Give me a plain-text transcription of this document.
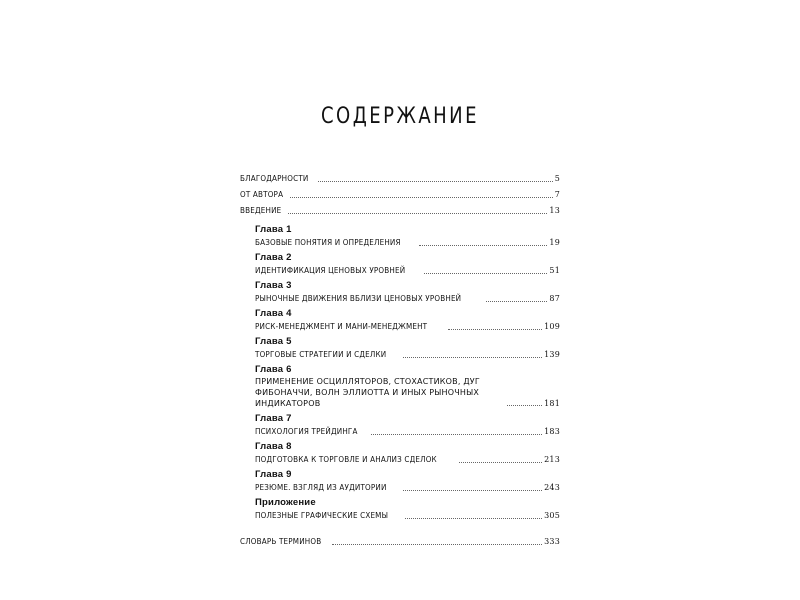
СОДЕРЖАНИЕ
БЛАГОДАРНОСТИ	5
ОТ АВТОРА	7
ВВЕДЕНИЕ	13
Глава 1
БАЗОВЫЕ ПОНЯТИЯ И ОПРЕДЕЛЕНИЯ	19
Глава 2
ИДЕНТИФИКАЦИЯ ЦЕНОВЫХ УРОВНЕЙ	51
Глава 3
РЫНОЧНЫЕ ДВИЖЕНИЯ ВБЛИЗИ ЦЕНОВЫХ УРОВНЕЙ	87
Глава 4
РИСК-МЕНЕДЖМЕНТ И МАНИ-МЕНЕДЖМЕНТ	109
Глава 5
ТОРГОВЫЕ СТРАТЕГИИ И СДЕЛКИ	139
Глава 6
ПРИМЕНЕНИЕ ОСЦИЛЛЯТОРОВ, СТОХАСТИКОВ, ДУГ ФИБОНАЧЧИ, ВОЛН ЭЛЛИОТТА И ИНЫХ РЫНОЧНЫХ ИНДИКАТОРОВ	181
Глава 7
ПСИХОЛОГИЯ ТРЕЙДИНГА	183
Глава 8
ПОДГОТОВКА К ТОРГОВЛЕ И АНАЛИЗ СДЕЛОК	213
Глава 9
РЕЗЮМЕ. ВЗГЛЯД ИЗ АУДИТОРИИ	243
Приложение
ПОЛЕЗНЫЕ ГРАФИЧЕСКИЕ СХЕМЫ	305
СЛОВАРЬ ТЕРМИНОВ	333
